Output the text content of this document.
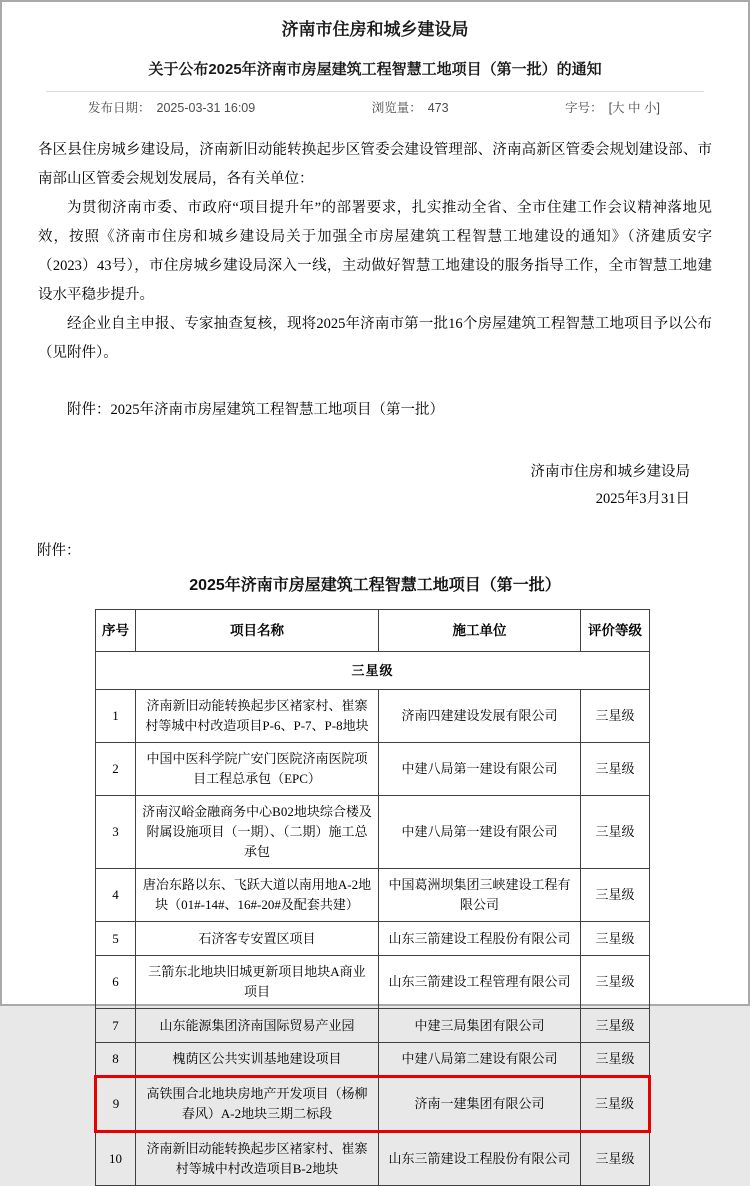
济南市住房和城乡建设局
关于公布2025年济南市房屋建筑工程智慧工地项目（第一批）的通知
发布日期： 2025-03-31 16:09	浏览量： 473	字号： [大 中 小]

各区县住房城乡建设局，济南新旧动能转换起步区管委会建设管理部、济南高新区管委会规划建设部、市南部山区管委会规划发展局，各有关单位：

为贯彻济南市委、市政府“项目提升年”的部署要求，扎实推动全省、全市住建工作会议精神落地见效，按照《济南市住房和城乡建设局关于加强全市房屋建筑工程智慧工地建设的通知》（济建质安字（2023）43号），市住房城乡建设局深入一线，主动做好智慧工地建设的服务指导工作，全市智慧工地建设水平稳步提升。

经企业自主申报、专家抽查复核，现将2025年济南市第一批16个房屋建筑工程智慧工地项目予以公布（见附件）。

附件：2025年济南市房屋建筑工程智慧工地项目（第一批）
济南市住房和城乡建设局
2025年3月31日
附件：
2025年济南市房屋建筑工程智慧工地项目（第一批）
序号	项目名称	施工单位	评价等级
三星级			
1	济南新旧动能转换起步区褚家村、崔寨村等城中村改造项目P-6、P-7、P-8地块	济南四建建设发展有限公司	三星级
2	中国中医科学院广安门医院济南医院项目工程总承包（EPC）	中建八局第一建设有限公司	三星级
3	济南汉峪金融商务中心B02地块综合楼及附属设施项目（一期）、（二期）施工总承包	中建八局第一建设有限公司	三星级
4	唐冶东路以东、飞跃大道以南用地A-2地块（01#-14#、16#-20#及配套共建）	中国葛洲坝集团三峡建设工程有限公司	三星级
5	石济客专安置区项目	山东三箭建设工程股份有限公司	三星级
6	三箭东北地块旧城更新项目地块A商业项目	山东三箭建设工程管理有限公司	三星级
7	山东能源集团济南国际贸易产业园	中建三局集团有限公司	三星级
8	槐荫区公共实训基地建设项目	中建八局第二建设有限公司	三星级
9	高铁围合北地块房地产开发项目（杨柳春风）A-2地块三期二标段	济南一建集团有限公司	三星级
10	济南新旧动能转换起步区褚家村、崔寨村等城中村改造项目B-2地块	山东三箭建设工程股份有限公司	三星级
